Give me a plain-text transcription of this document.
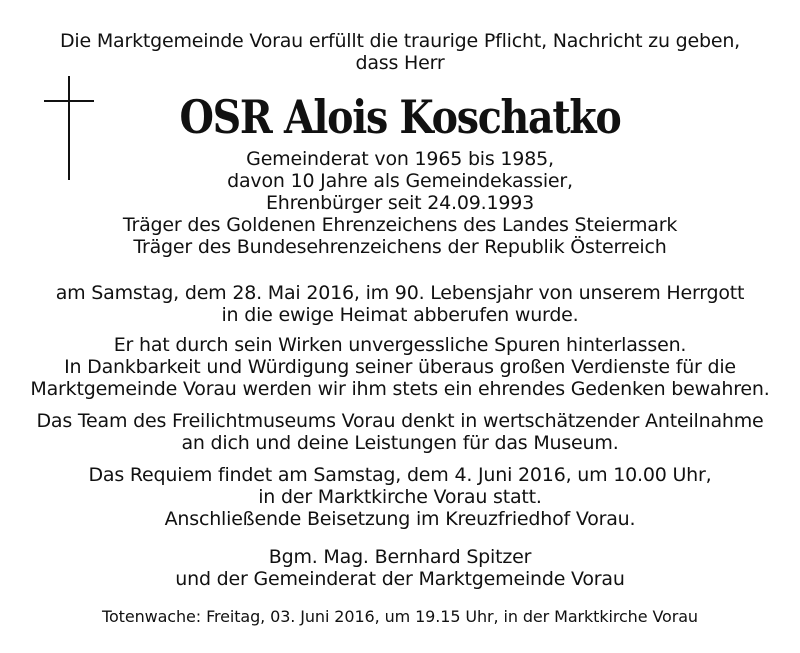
Die Marktgemeinde Vorau erfüllt die traurige Pflicht, Nachricht zu geben,
dass Herr
OSR Alois Koschatko
Gemeinderat von 1965 bis 1985,
davon 10 Jahre als Gemeindekassier,
Ehrenbürger seit 24.09.1993
Träger des Goldenen Ehrenzeichens des Landes Steiermark
Träger des Bundesehrenzeichens der Republik Österreich
am Samstag, dem 28. Mai 2016, im 90. Lebensjahr von unserem Herrgott
in die ewige Heimat abberufen wurde.
Er hat durch sein Wirken unvergessliche Spuren hinterlassen.
In Dankbarkeit und Würdigung seiner überaus großen Verdienste für die
Marktgemeinde Vorau werden wir ihm stets ein ehrendes Gedenken bewahren.
Das Team des Freilichtmuseums Vorau denkt in wertschätzender Anteilnahme
an dich und deine Leistungen für das Museum.
Das Requiem findet am Samstag, dem 4. Juni 2016, um 10.00 Uhr,
in der Marktkirche Vorau statt.
Anschließende Beisetzung im Kreuzfriedhof Vorau.
Bgm. Mag. Bernhard Spitzer
und der Gemeinderat der Marktgemeinde Vorau
Totenwache: Freitag, 03. Juni 2016, um 19.15 Uhr, in der Marktkirche Vorau
